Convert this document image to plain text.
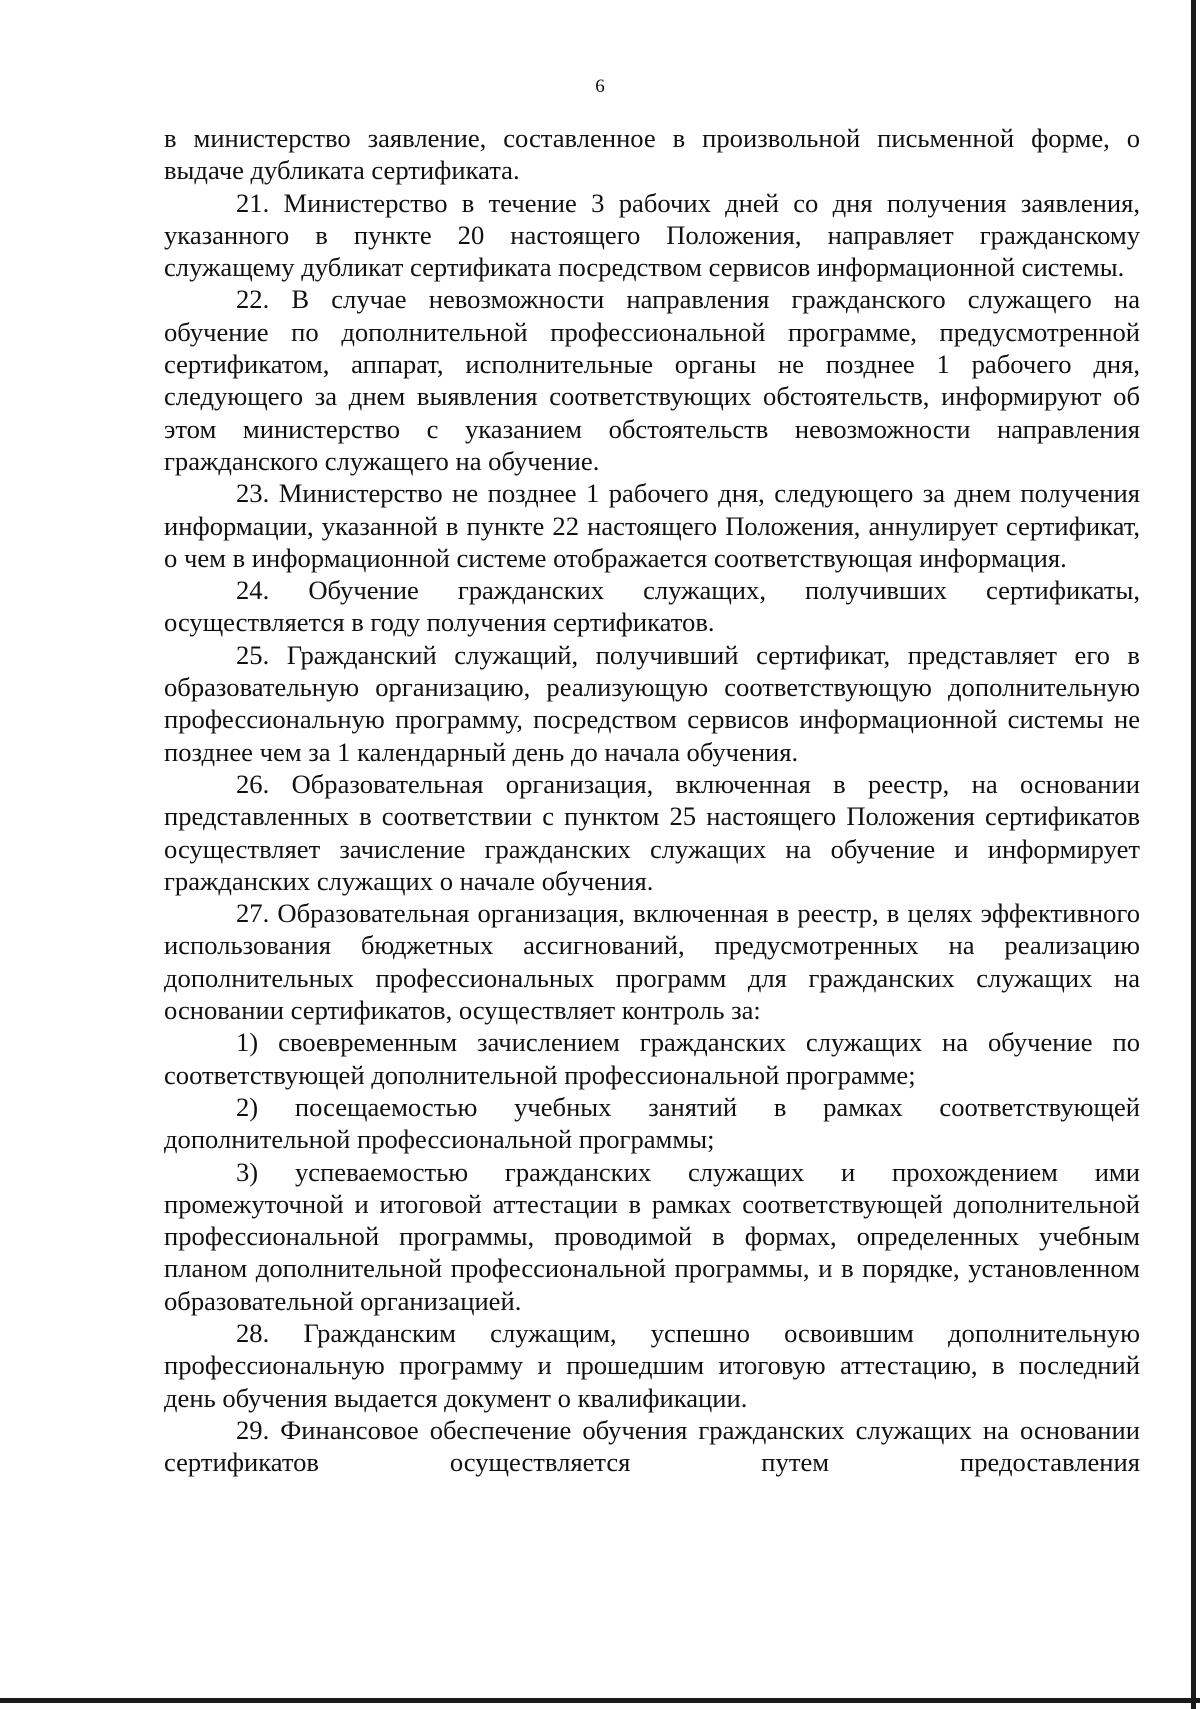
6

в министерство заявление, составленное в произвольной письменной форме, о выдаче дубликата сертификата.

21. Министерство в течение 3 рабочих дней со дня получения заявления, указанного в пункте 20 настоящего Положения, направляет гражданскому служащему дубликат сертификата посредством сервисов информационной системы.

22. В случае невозможности направления гражданского служащего на обучение по дополнительной профессиональной программе, предусмотренной сертификатом, аппарат, исполнительные органы не позднее 1 рабочего дня, следующего за днем выявления соответствующих обстоятельств, информируют об этом министерство с указанием обстоятельств невозможности направления гражданского служащего на обучение.

23. Министерство не позднее 1 рабочего дня, следующего за днем получения информации, указанной в пункте 22 настоящего Положения, аннулирует сертификат, о чем в информационной системе отображается соответствующая информация.

24. Обучение гражданских служащих, получивших сертификаты, осуществляется в году получения сертификатов.

25. Гражданский служащий, получивший сертификат, представляет его в образовательную организацию, реализующую соответствующую дополнительную профессиональную программу, посредством сервисов информационной системы не позднее чем за 1 календарный день до начала обучения.

26. Образовательная организация, включенная в реестр, на основании представленных в соответствии с пунктом 25 настоящего Положения сертификатов осуществляет зачисление гражданских служащих на обучение и информирует гражданских служащих о начале обучения.

27. Образовательная организация, включенная в реестр, в целях эффективного использования бюджетных ассигнований, предусмотренных на реализацию дополнительных профессиональных программ для гражданских служащих на основании сертификатов, осуществляет контроль за:

1) своевременным зачислением гражданских служащих на обучение по соответствующей дополнительной профессиональной программе;

2) посещаемостью учебных занятий в рамках соответствующей дополнительной профессиональной программы;

3) успеваемостью гражданских служащих и прохождением ими промежуточной и итоговой аттестации в рамках соответствующей дополнительной профессиональной программы, проводимой в формах, определенных учебным планом дополнительной профессиональной программы, и в порядке, установленном образовательной организацией.

28. Гражданским служащим, успешно освоившим дополнительную профессиональную программу и прошедшим итоговую аттестацию, в последний день обучения выдается документ о квалификации.

29. Финансовое обеспечение обучения гражданских служащих на основании сертификатов осуществляется путем предоставления
